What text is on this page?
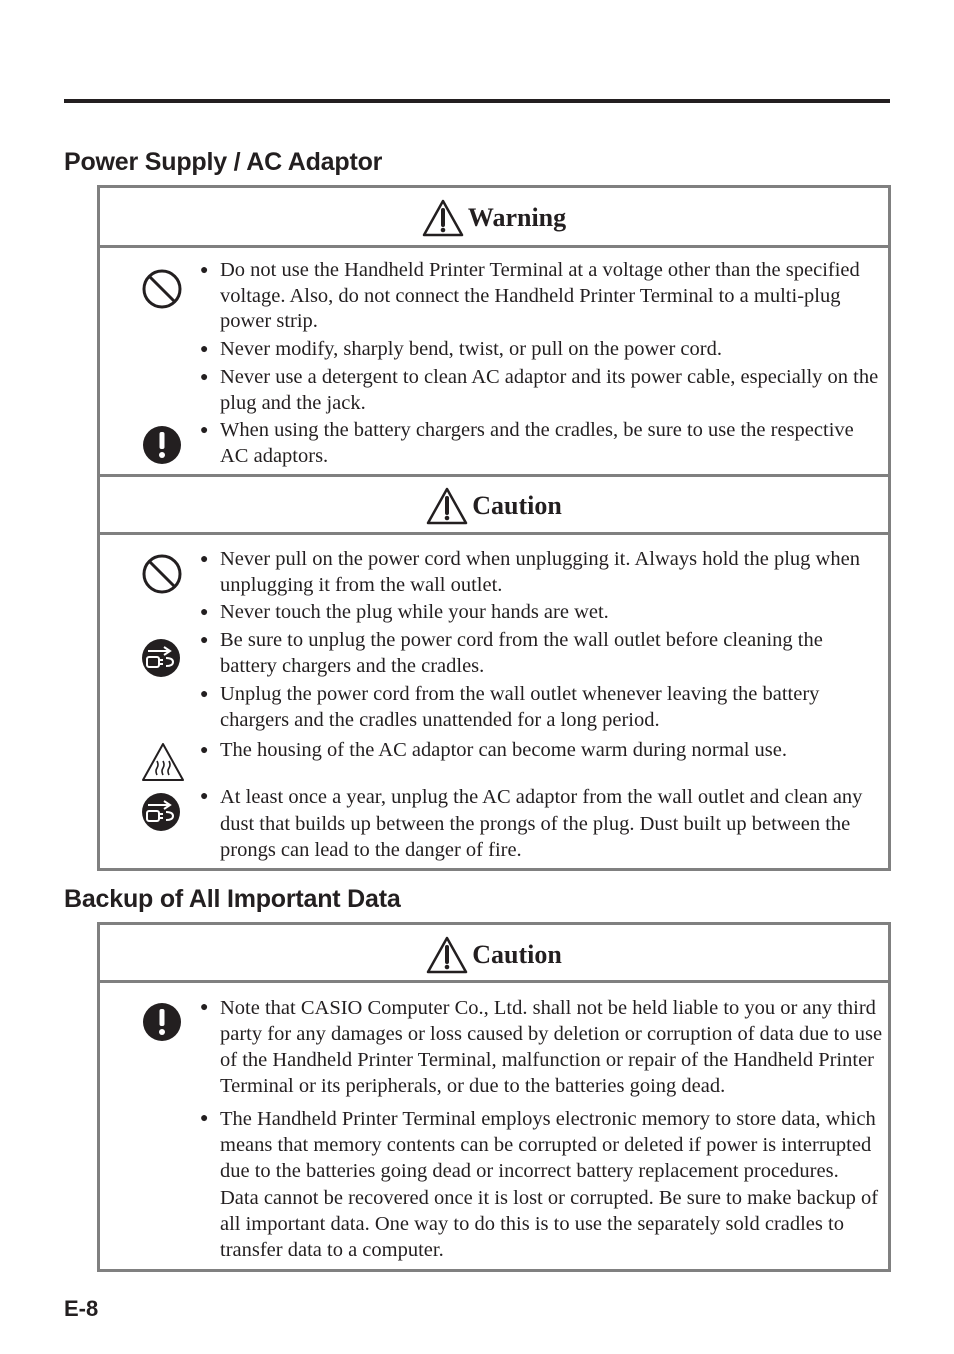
Power Supply / AC Adaptor
Warning
● Do not use the Handheld Printer Terminal at a voltage other than the specified voltage. Also, do not connect the Handheld Printer Terminal to a multi-plug power strip.
● Never modify, sharply bend, twist, or pull on the power cord.
● Never use a detergent to clean AC adaptor and its power cable, especially on the plug and the jack.
● When using the battery chargers and the cradles, be sure to use the respective AC adaptors.
Caution
● Never pull on the power cord when unplugging it. Always hold the plug when unplugging it from the wall outlet.
● Never touch the plug while your hands are wet.
● Be sure to unplug the power cord from the wall outlet before cleaning the battery chargers and the cradles.
● Unplug the power cord from the wall outlet whenever leaving the battery chargers and the cradles unattended for a long period.
● The housing of the AC adaptor can become warm during normal use.
● At least once a year, unplug the AC adaptor from the wall outlet and clean any dust that builds up between the prongs of the plug. Dust built up between the prongs can lead to the danger of fire.
Backup of All Important Data
Caution
● Note that CASIO Computer Co., Ltd. shall not be held liable to you or any third party for any damages or loss caused by deletion or corruption of data due to use of the Handheld Printer Terminal, malfunction or repair of the Handheld Printer Terminal or its peripherals, or due to the batteries going dead.
● The Handheld Printer Terminal employs electronic memory to store data, which means that memory contents can be corrupted or deleted if power is interrupted due to the batteries going dead or incorrect battery replacement procedures. Data cannot be recovered once it is lost or corrupted. Be sure to make backup of all important data. One way to do this is to use the separately sold cradles to transfer data to a computer.

E-8
